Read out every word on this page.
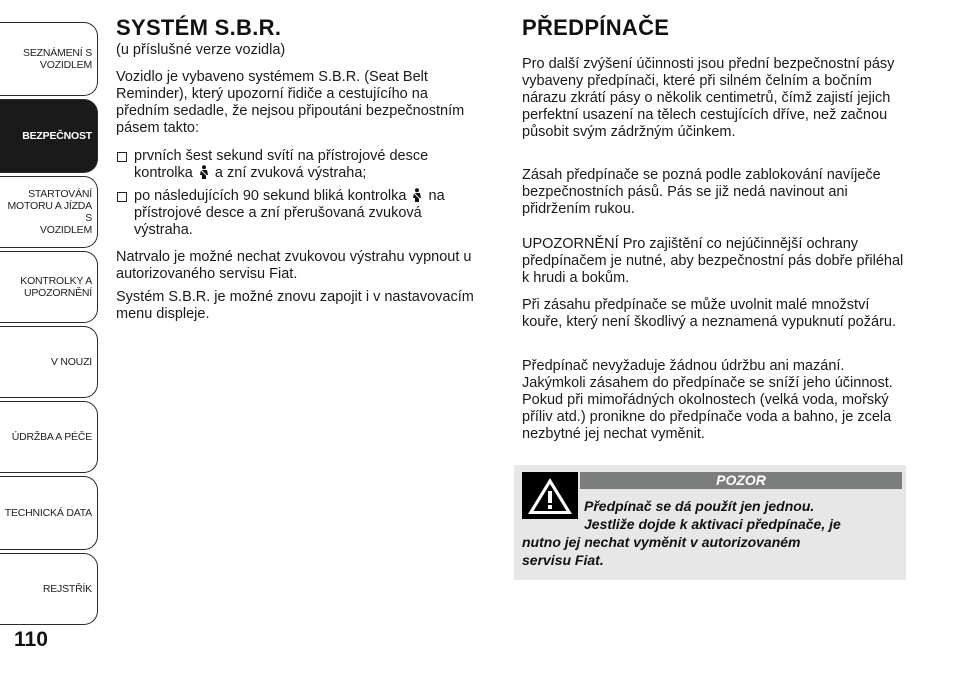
SEZNÁMENÍ S
VOZIDLEM
BEZPEČNOST
STARTOVÁNÍ
MOTORU A JÍZDA S
VOZIDLEM
KONTROLKY A
UPOZORNĚNÍ
V NOUZI
ÚDRŽBA A PÉČE
TECHNICKÁ DATA
REJSTŘÍK
110
SYSTÉM S.B.R.
(u příslušné verze vozidla)
Vozidlo je vybaveno systémem S.B.R. (Seat Belt Reminder), který upozorní řidiče a cestujícího na předním sedadle, že nejsou připoutáni bezpečnostním pásem takto:
prvních šest sekund svítí na přístrojové desce kontrolka a zní zvuková výstraha;
po následujících 90 sekund bliká kontrolka na přístrojové desce a zní přerušovaná zvuková výstraha.
Natrvalo je možné nechat zvukovou výstrahu vypnout u autorizovaného servisu Fiat.
Systém S.B.R. je možné znovu zapojit i v nastavovacím menu displeje.
PŘEDPÍNAČE
Pro další zvýšení účinnosti jsou přední bezpečnostní pásy vybaveny předpínači, které při silném čelním a bočním nárazu zkrátí pásy o několik centimetrů, čímž zajistí jejich perfektní usazení na tělech cestujících dříve, než začnou působit svým zádržným účinkem.
Zásah předpínače se pozná podle zablokování navíječe bezpečnostních pásů. Pás se již nedá navinout ani přidržením rukou.
UPOZORNĚNÍ Pro zajištění co nejúčinnější ochrany předpínačem je nutné, aby bezpečnostní pás dobře přiléhal k hrudi a bokům.
Při zásahu předpínače se může uvolnit malé množství kouře, který není škodlivý a neznamená vypuknutí požáru.
Předpínač nevyžaduje žádnou údržbu ani mazání. Jakýmkoli zásahem do předpínače se sníží jeho účinnost. Pokud při mimořádných okolnostech (velká voda, mořský příliv atd.) pronikne do předpínače voda a bahno, je zcela nezbytné jej nechat vyměnit.
POZOR
Předpínač se dá použít jen jednou.
Jestliže dojde k aktivaci předpínače, je
nutno jej nechat vyměnit v autorizovaném
servisu Fiat.
